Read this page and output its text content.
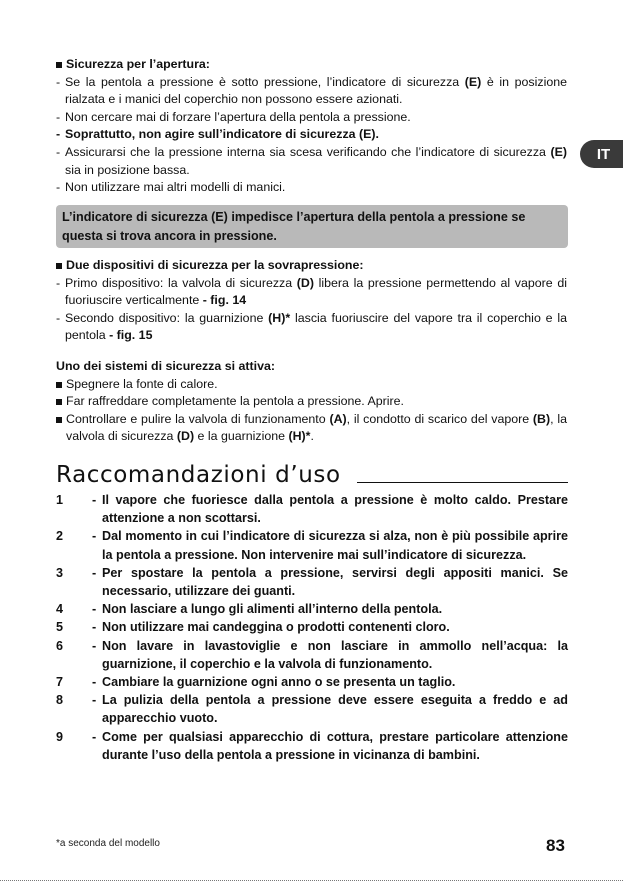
IT
Sicurezza per l’apertura:
- Se la pentola a pressione è sotto pressione, l’indicatore di sicurezza (E) è in posizione rialzata e i manici del coperchio non possono essere azionati.
- Non cercare mai di forzare l’apertura della pentola a pressione.
- Soprattutto, non agire sull’indicatore di sicurezza (E).
- Assicurarsi che la pressione interna sia scesa verificando che l’indicatore di sicurezza (E) sia in posizione bassa.
- Non utilizzare mai altri modelli di manici.
L’indicatore di sicurezza (E) impedisce l’apertura della pentola a pressione se questa si trova ancora in pressione.
Due dispositivi di sicurezza per la sovrapressione:
- Primo dispositivo: la valvola di sicurezza (D) libera la pressione permettendo al vapore di fuoriuscire verticalmente - fig. 14
- Secondo dispositivo: la guarnizione (H)* lascia fuoriuscire del vapore tra il coperchio e la pentola - fig. 15
Uno dei sistemi di sicurezza si attiva:
Spegnere la fonte di calore.
Far raffreddare completamente la pentola a pressione. Aprire.
Controllare e pulire la valvola di funzionamento (A), il condotto di scarico del vapore (B), la valvola di sicurezza (D) e la guarnizione (H)*.
Raccomandazioni d’uso
1	- Il vapore che fuoriesce dalla pentola a pressione è molto caldo. Prestare attenzione a non scottarsi.
2	- Dal momento in cui l’indicatore di sicurezza si alza, non è più possibile aprire la pentola a pressione. Non intervenire mai sull’indicatore di sicurezza.
3	- Per spostare la pentola a pressione, servirsi degli appositi manici. Se necessario, utilizzare dei guanti.
4	- Non lasciare a lungo gli alimenti all’interno della pentola.
5	- Non utilizzare mai candeggina o prodotti contenenti cloro.
6	- Non lavare in lavastoviglie e non lasciare in ammollo nell’acqua: la guarnizione, il coperchio e la valvola di funzionamento.
7	- Cambiare la guarnizione ogni anno o se presenta un taglio.
8	- La pulizia della pentola a pressione deve essere eseguita a freddo e ad apparecchio vuoto.
9	- Come per qualsiasi apparecchio di cottura, prestare particolare attenzione durante l’uso della pentola a pressione in vicinanza di bambini.
*a seconda del modello	83
